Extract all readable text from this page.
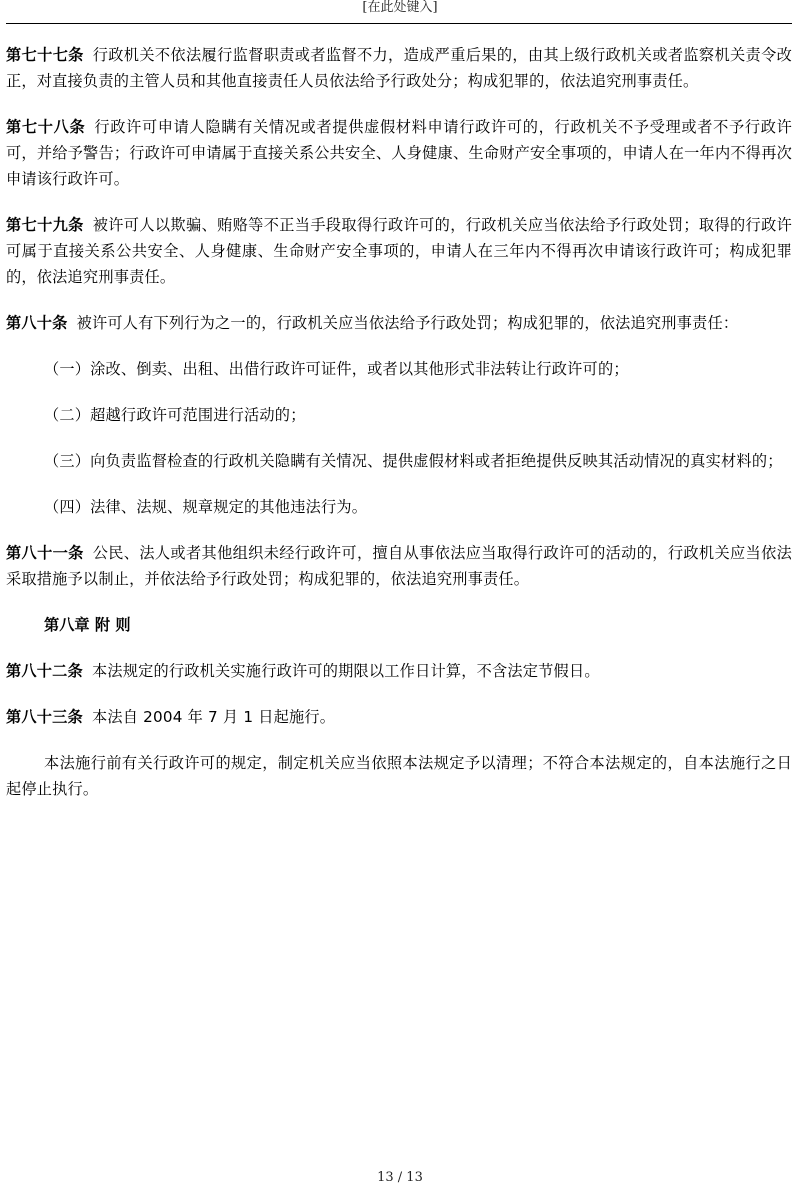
[在此处键入]

第七十七条 行政机关不依法履行监督职责或者监督不力，造成严重后果的，由其上级行政机关或者监察机关责令改正，对直接负责的主管人员和其他直接责任人员依法给予行政处分；构成犯罪的，依法追究刑事责任。

第七十八条 行政许可申请人隐瞒有关情况或者提供虚假材料申请行政许可的，行政机关不予受理或者不予行政许可，并给予警告；行政许可申请属于直接关系公共安全、人身健康、生命财产安全事项的，申请人在一年内不得再次申请该行政许可。

第七十九条 被许可人以欺骗、贿赂等不正当手段取得行政许可的，行政机关应当依法给予行政处罚；取得的行政许可属于直接关系公共安全、人身健康、生命财产安全事项的，申请人在三年内不得再次申请该行政许可；构成犯罪的，依法追究刑事责任。

第八十条 被许可人有下列行为之一的，行政机关应当依法给予行政处罚；构成犯罪的，依法追究刑事责任：

（一）涂改、倒卖、出租、出借行政许可证件，或者以其他形式非法转让行政许可的；

（二）超越行政许可范围进行活动的；

（三）向负责监督检查的行政机关隐瞒有关情况、提供虚假材料或者拒绝提供反映其活动情况的真实材料的；

（四）法律、法规、规章规定的其他违法行为。

第八十一条 公民、法人或者其他组织未经行政许可，擅自从事依法应当取得行政许可的活动的，行政机关应当依法采取措施予以制止，并依法给予行政处罚；构成犯罪的，依法追究刑事责任。

第八章 附 则

第八十二条 本法规定的行政机关实施行政许可的期限以工作日计算，不含法定节假日。

第八十三条 本法自 2004 年 7 月 1 日起施行。

本法施行前有关行政许可的规定，制定机关应当依照本法规定予以清理；不符合本法规定的，自本法施行之日起停止执行。

13 / 13
